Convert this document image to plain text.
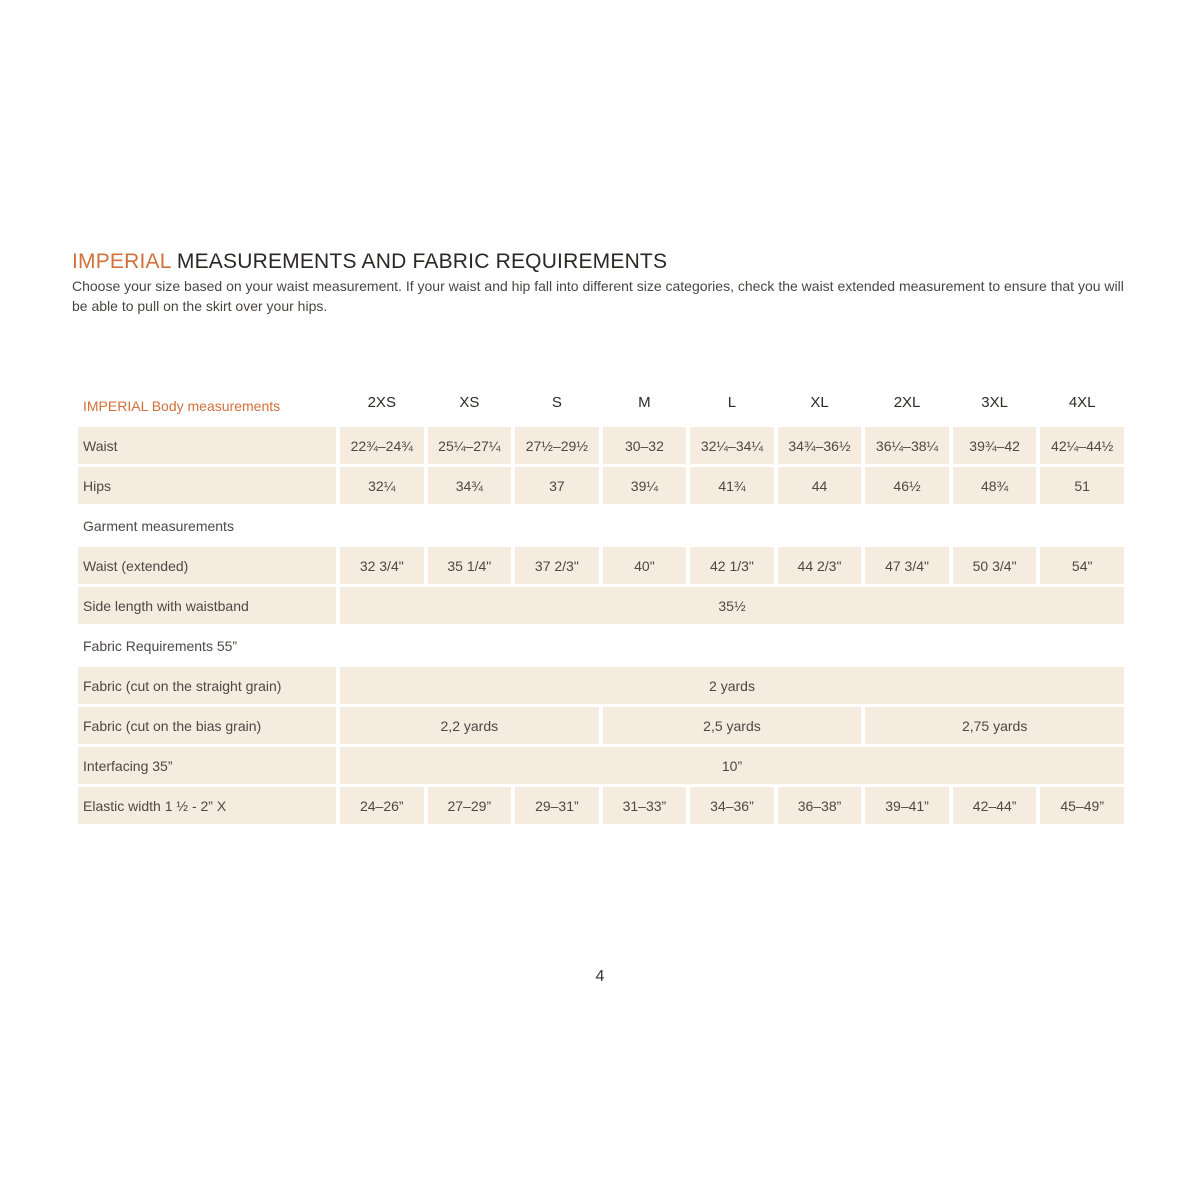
IMPERIAL MEASUREMENTS AND FABRIC REQUIREMENTS

Choose your size based on your waist measurement. If your waist and hip fall into different size categories, check the waist extended measurement to ensure that you will be able to pull on the skirt over your hips.

IMPERIAL Body measurements	2XS	XS	S	M	L	XL	2XL	3XL	4XL
Waist	22¾–24¾	25¼–27¼	27½–29½	30–32	32¼–34¼	34¾–36½	36¼–38¼	39¾–42	42¼–44½
Hips	32¼	34¾	37	39¼	41¾	44	46½	48¾	51
Garment measurements									
Waist (extended)	32 3/4"	35 1/4"	37 2/3"	40"	42 1/3"	44 2/3"	47 3/4"	50 3/4"	54"
Side length with waistband	35½								
Fabric Requirements 55”									
Fabric (cut on the straight grain)	2 yards								
Fabric (cut on the bias grain)	2,2 yards			2,5 yards			2,75 yards		
Interfacing 35”	10”								
Elastic width 1 ½ - 2” X	24–26”	27–29”	29–31”	31–33”	34–36”	36–38”	39–41”	42–44”	45–49”
4
